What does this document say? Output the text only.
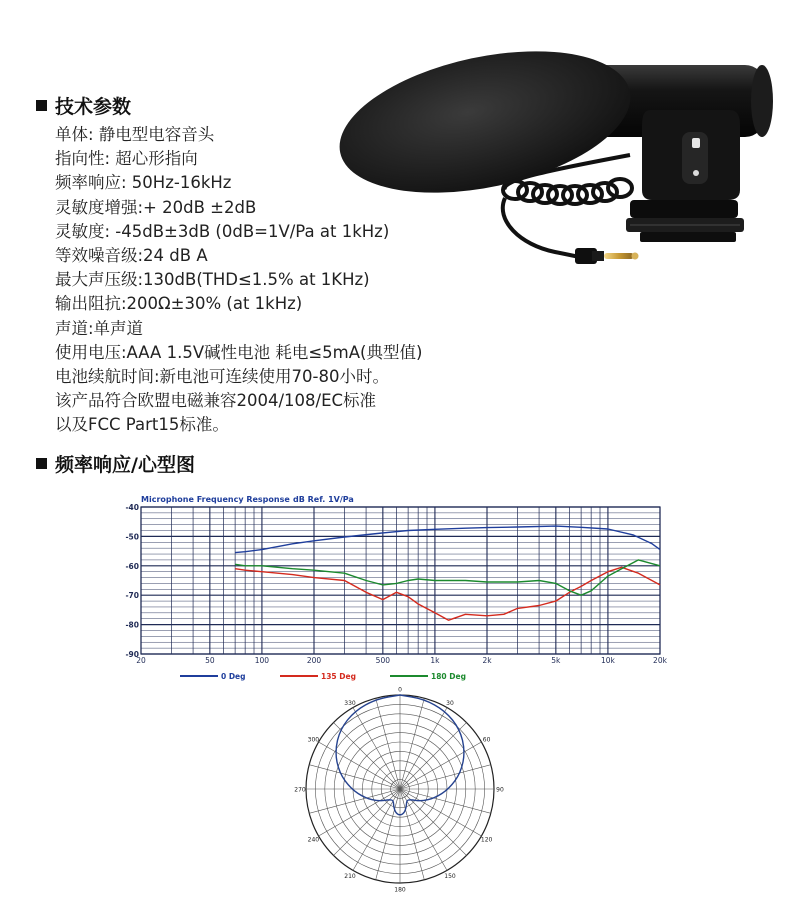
技术参数
单体: 静电型电容音头
指向性: 超心形指向
频率响应: 50Hz-16kHz
灵敏度增强:+ 20dB ±2dB
灵敏度: -45dB±3dB (0dB=1V/Pa at 1kHz)
等效噪音级:24 dB A
最大声压级:130dB(THD≤1.5% at 1KHz)
输出阻抗:200Ω±30% (at 1kHz)
声道:单声道
使用电压:AAA 1.5V碱性电池 耗电≤5mA(典型值)
电池续航时间:新电池可连续使用70-80小时。
该产品符合欧盟电磁兼容2004/108/EC标准
以及FCC Part15标准。
频率响应/心型图
Microphone Frequency Response dB Ref. 1V/Pa
-40
-50
-60
-70
-80
-90
20	50	100	200	500	1k	2k	5k	10k	20k
0 Deg	135 Deg	180 Deg
0
30
60
90
120
150
180
210
240
270
300
330
